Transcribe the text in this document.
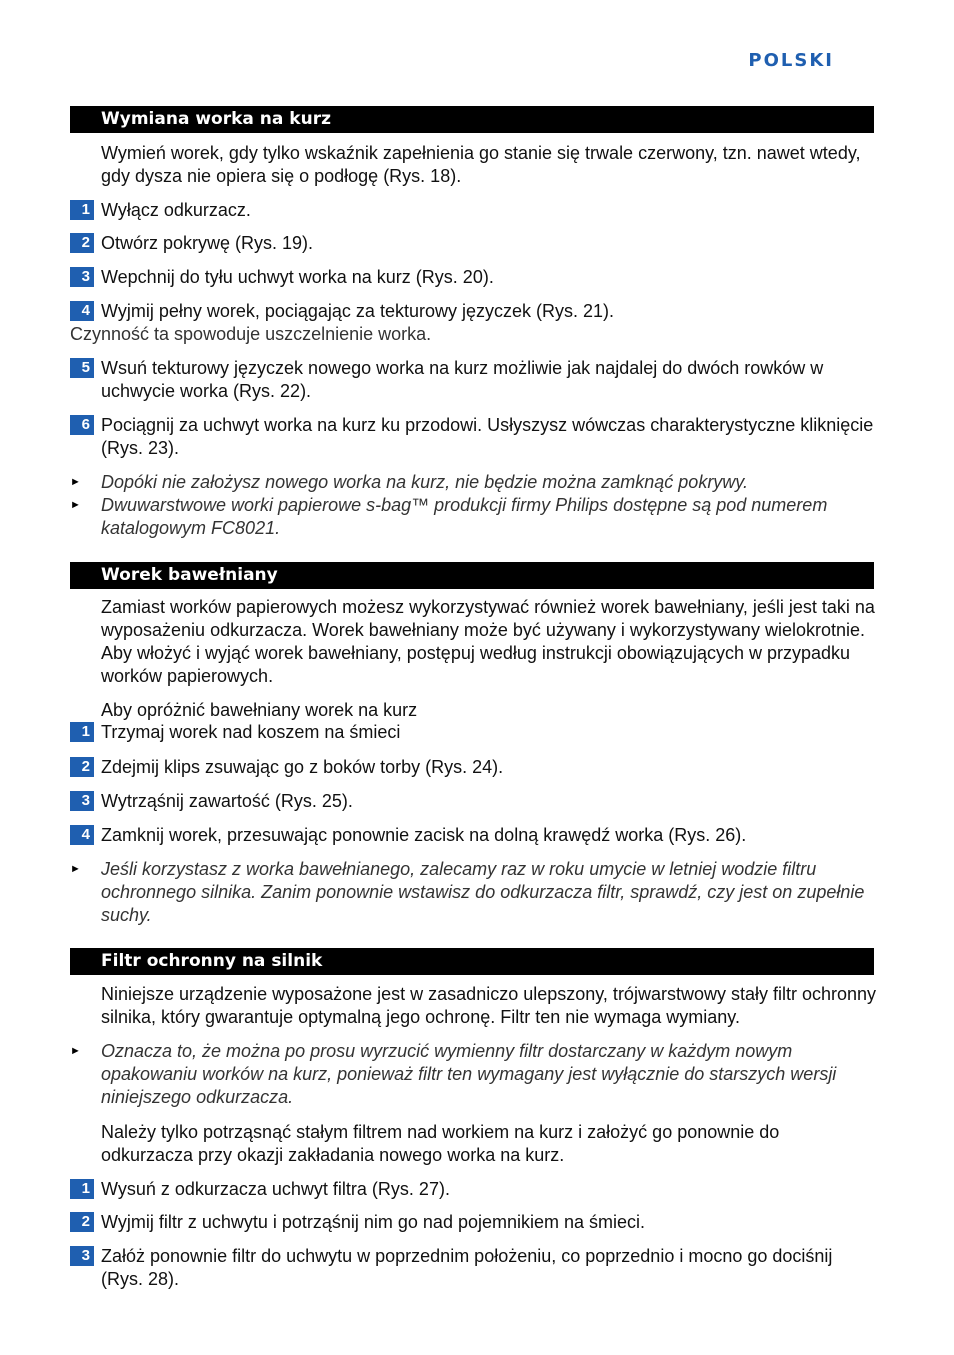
POLSKI
Wymiana worka na kurz
Wymień worek, gdy tylko wskaźnik zapełnienia go stanie się trwale czerwony, tzn. nawet wtedy, gdy dysza nie opiera się o podłogę (Rys. 18).
1 Wyłącz odkurzacz.
2 Otwórz pokrywę (Rys. 19).
3 Wepchnij do tyłu uchwyt worka na kurz (Rys. 20).
4 Wyjmij pełny worek, pociągając za tekturowy języczek (Rys. 21).
Czynność ta spowoduje uszczelnienie worka.
5 Wsuń tekturowy języczek nowego worka na kurz możliwie jak najdalej do dwóch rowków w uchwycie worka (Rys. 22).
6 Pociągnij za uchwyt worka na kurz ku przodowi. Usłyszysz wówczas charakterystyczne kliknięcie (Rys. 23).
► Dopóki nie założysz nowego worka na kurz, nie będzie można zamknąć pokrywy.
► Dwuwarstwowe worki papierowe s-bag™ produkcji firmy Philips dostępne są pod numerem katalogowym FC8021.
Worek bawełniany
Zamiast worków papierowych możesz wykorzystywać również worek bawełniany, jeśli jest taki na wyposażeniu odkurzacza. Worek bawełniany może być używany i wykorzystywany wielokrotnie. Aby włożyć i wyjąć worek bawełniany, postępuj według instrukcji obowiązujących w przypadku worków papierowych.
Aby opróżnić bawełniany worek na kurz
1 Trzymaj worek nad koszem na śmieci
2 Zdejmij klips zsuwając go z boków torby (Rys. 24).
3 Wytrząśnij zawartość (Rys. 25).
4 Zamknij worek, przesuwając ponownie zacisk na dolną krawędź worka (Rys. 26).
► Jeśli korzystasz z worka bawełnianego, zalecamy raz w roku umycie w letniej wodzie filtru ochronnego silnika. Zanim ponownie wstawisz do odkurzacza filtr, sprawdź, czy jest on zupełnie suchy.
Filtr ochronny na silnik
Niniejsze urządzenie wyposażone jest w zasadniczo ulepszony, trójwarstwowy stały filtr ochronny silnika, który gwarantuje optymalną jego ochronę. Filtr ten nie wymaga wymiany.
► Oznacza to, że można po prosu wyrzucić wymienny filtr dostarczany w każdym nowym opakowaniu worków na kurz, ponieważ filtr ten wymagany jest wyłącznie do starszych wersji niniejszego odkurzacza.
Należy tylko potrząsnąć stałym filtrem nad workiem na kurz i założyć go ponownie do odkurzacza przy okazji zakładania nowego worka na kurz.
1 Wysuń z odkurzacza uchwyt filtra (Rys. 27).
2 Wyjmij filtr z uchwytu i potrząśnij nim go nad pojemnikiem na śmieci.
3 Załóż ponownie filtr do uchwytu w poprzednim położeniu, co poprzednio i mocno go dociśnij (Rys. 28).
